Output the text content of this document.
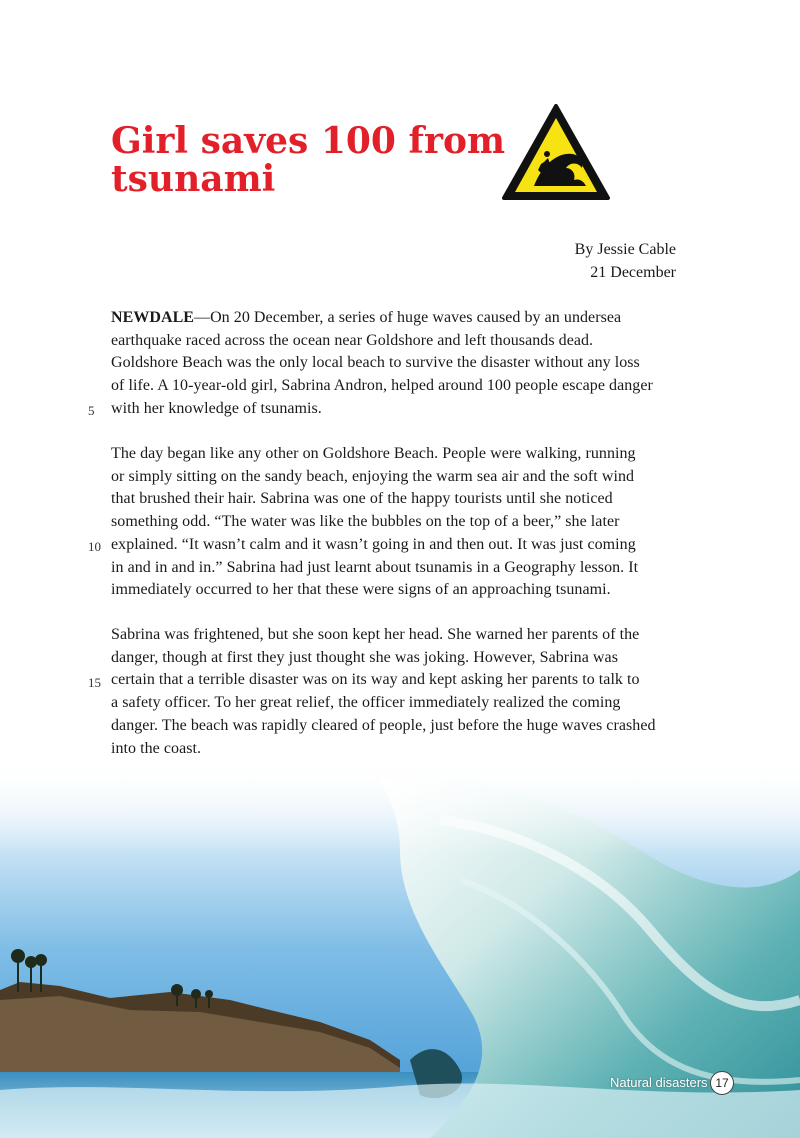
Girl saves 100 from
tsunami
By Jessie Cable
21 December

NEWDALE—On 20 December, a series of huge waves caused by an undersea
earthquake raced across the ocean near Goldshore and left thousands dead.
Goldshore Beach was the only local beach to survive the disaster without any loss
of life. A 10-year-old girl, Sabrina Andron, helped around 100 people escape danger
with her knowledge of tsunamis.

The day began like any other on Goldshore Beach. People were walking, running
or simply sitting on the sandy beach, enjoying the warm sea air and the soft wind
that brushed their hair. Sabrina was one of the happy tourists until she noticed
something odd. “The water was like the bubbles on the top of a beer,” she later
explained. “It wasn’t calm and it wasn’t going in and then out. It was just coming
in and in and in.” Sabrina had just learnt about tsunamis in a Geography lesson. It
immediately occurred to her that these were signs of an approaching tsunami.

Sabrina was frightened, but she soon kept her head. She warned her parents of the
danger, though at first they just thought she was joking. However, Sabrina was
certain that a terrible disaster was on its way and kept asking her parents to talk to
a safety officer. To her great relief, the officer immediately realized the coming
danger. The beach was rapidly cleared of people, just before the huge waves crashed
into the coast.

5
10
15
Natural disasters 17
